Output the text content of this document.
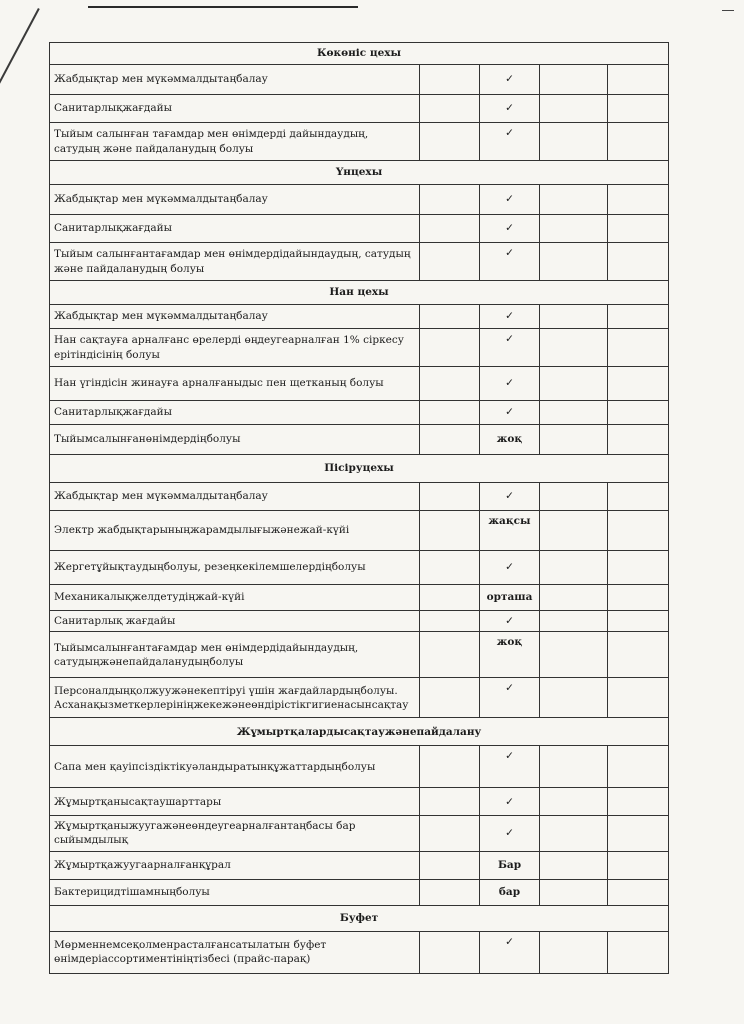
Көкөніс цехы				
Жабдықтар мен мүкәммалдытаңбалау		✓		
Санитарлықжағдайы		✓		
Тыйым салынған тағамдар мен өнімдерді дайындаудың, сатудың және пайдаланудың болуы		✓		
Үнцехы				
Жабдықтар мен мүкәммалдытаңбалау		✓		
Санитарлықжағдайы		✓		
Тыйым салынғантағамдар мен өнімдердідайындаудың, сатудың және пайдаланудың болуы		✓		
Нан цехы				
Жабдықтар мен мүкәммалдытаңбалау		✓		
Нан сақтауға арналғанс өрелерді өңдеугеарналған 1% сіркесу ерітіндісінің болуы		✓		
Нан үгіндісін жинауға арналғаныдыс пен щетканың болуы		✓		
Санитарлықжағдайы		✓		
Тыйымсалынғанөнімдердіңболуы		жоқ		
Пісіруцехы				
Жабдықтар мен мүкәммалдытаңбалау		✓		
Электр жабдықтарыныңжарамдылығыжәнежай-күйі		жақсы		
Жергетұйықтаудыңболуы, резеңкекілемшелердіңболуы		✓		
Механикалықжелдетудіңжай-күйі		орташа		
Санитарлық жағдайы		✓		
Тыйымсалынғантағамдар мен өнімдердідайындаудың, сатудыңжәнепайдаланудыңболуы		жоқ		
Персоналдыңқолжуужәнекептіруі үшін жағдайлардыңболуы. Асханақызметкерлерініңжекежәнеөндірістікгигиенасынсақтау		✓		
Жұмыртқалардысақтаужәнепайдалану				
Сапа мен қауіпсіздіктікуәландыратынқұжаттардыңболуы		✓		
Жұмыртқанысақтаушарттары		✓		
Жұмыртқаныжуугажәнеөндеугеарналғантаңбасы бар сыйымдылық		✓		
Жұмыртқажуугаарналғанқұрал		Бар		
Бактерицидтішамныңболуы		бар		
Буфет				
Мөрменнемсеқолменрасталғансатылатын буфет өнімдеріассортиментініңтізбесі (прайс-парақ)		✓		
